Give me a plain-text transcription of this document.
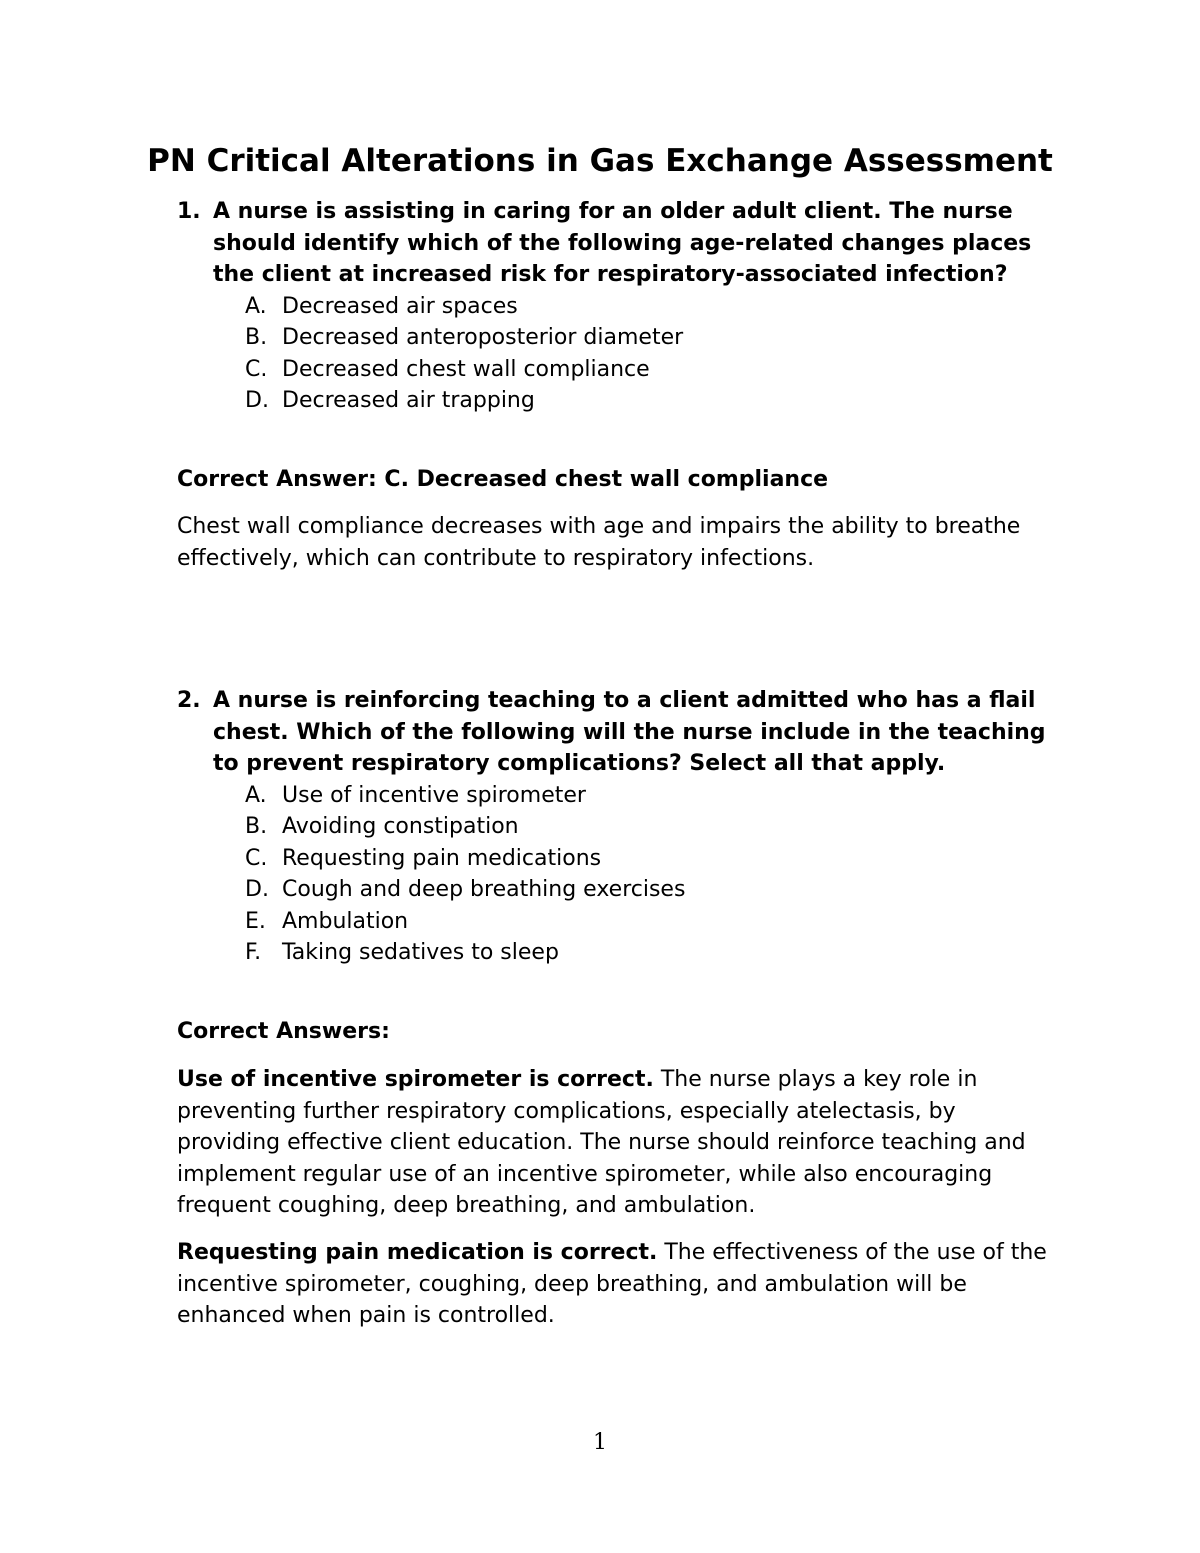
PN Critical Alterations in Gas Exchange Assessment
1. A nurse is assisting in caring for an older adult client. The nurse should identify which of the following age-related changes places the client at increased risk for respiratory-associated infection?
A. Decreased air spaces
B. Decreased anteroposterior diameter
C. Decreased chest wall compliance
D. Decreased air trapping

Correct Answer: C. Decreased chest wall compliance

Chest wall compliance decreases with age and impairs the ability to breathe effectively, which can contribute to respiratory infections.

2. A nurse is reinforcing teaching to a client admitted who has a flail chest. Which of the following will the nurse include in the teaching to prevent respiratory complications? Select all that apply.
A. Use of incentive spirometer
B. Avoiding constipation
C. Requesting pain medications
D. Cough and deep breathing exercises
E. Ambulation
F. Taking sedatives to sleep

Correct Answers:

Use of incentive spirometer is correct. The nurse plays a key role in preventing further respiratory complications, especially atelectasis, by providing effective client education. The nurse should reinforce teaching and implement regular use of an incentive spirometer, while also encouraging frequent coughing, deep breathing, and ambulation.

Requesting pain medication is correct. The effectiveness of the use of the incentive spirometer, coughing, deep breathing, and ambulation will be enhanced when pain is controlled.

1
